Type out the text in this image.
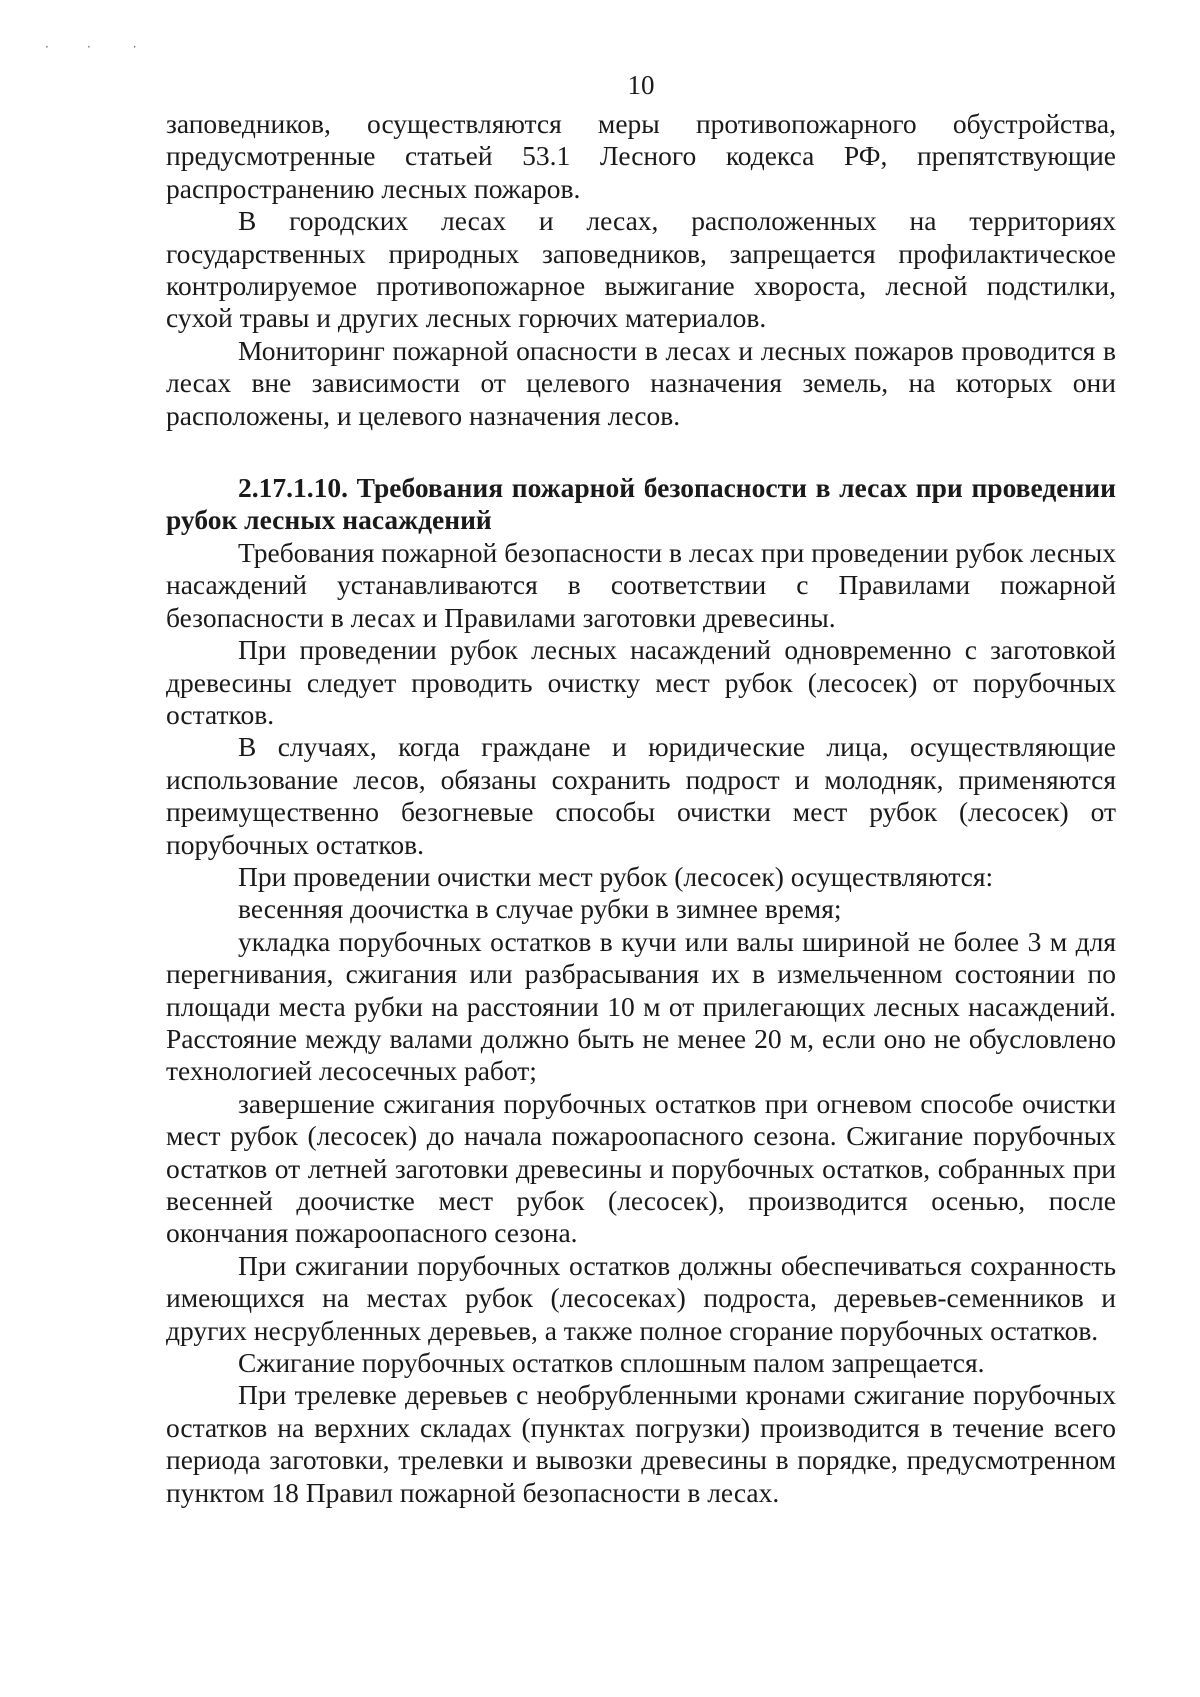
·          ·           ·
10

заповедников, осуществляются меры противопожарного обустройства, предусмотренные статьей 53.1 Лесного кодекса РФ, препятствующие распространению лесных пожаров.

В городских лесах и лесах, расположенных на территориях государственных природных заповедников, запрещается профилактическое контролируемое противопожарное выжигание хвороста, лесной подстилки, сухой травы и других лесных горючих материалов.

Мониторинг пожарной опасности в лесах и лесных пожаров проводится в лесах вне зависимости от целевого назначения земель, на которых они расположены, и целевого назначения лесов.

2.17.1.10. Требования пожарной безопасности в лесах при проведении рубок лесных насаждений

Требования пожарной безопасности в лесах при проведении рубок лесных насаждений устанавливаются в соответствии с Правилами пожарной безопасности в лесах и Правилами заготовки древесины.

При проведении рубок лесных насаждений одновременно с заготовкой древесины следует проводить очистку мест рубок (лесосек) от порубочных остатков.

В случаях, когда граждане и юридические лица, осуществляющие использование лесов, обязаны сохранить подрост и молодняк, применяются преимущественно безогневые способы очистки мест рубок (лесосек) от порубочных остатков.

При проведении очистки мест рубок (лесосек) осуществляются:

весенняя доочистка в случае рубки в зимнее время;

укладка порубочных остатков в кучи или валы шириной не более 3 м для перегнивания, сжигания или разбрасывания их в измельченном состоянии по площади места рубки на расстоянии 10 м от прилегающих лесных насаждений. Расстояние между валами должно быть не менее 20 м, если оно не обусловлено технологией лесосечных работ;

завершение сжигания порубочных остатков при огневом способе очистки мест рубок (лесосек) до начала пожароопасного сезона. Сжигание порубочных остатков от летней заготовки древесины и порубочных остатков, собранных при весенней доочистке мест рубок (лесосек), производится осенью, после окончания пожароопасного сезона.

При сжигании порубочных остатков должны обеспечиваться сохранность имеющихся на местах рубок (лесосеках) подроста, деревьев-семенников и других несрубленных деревьев, а также полное сгорание порубочных остатков.

Сжигание порубочных остатков сплошным палом запрещается.

При трелевке деревьев с необрубленными кронами сжигание порубочных остатков на верхних складах (пунктах погрузки) производится в течение всего периода заготовки, трелевки и вывозки древесины в порядке, предусмотренном пунктом 18 Правил пожарной безопасности в лесах.
